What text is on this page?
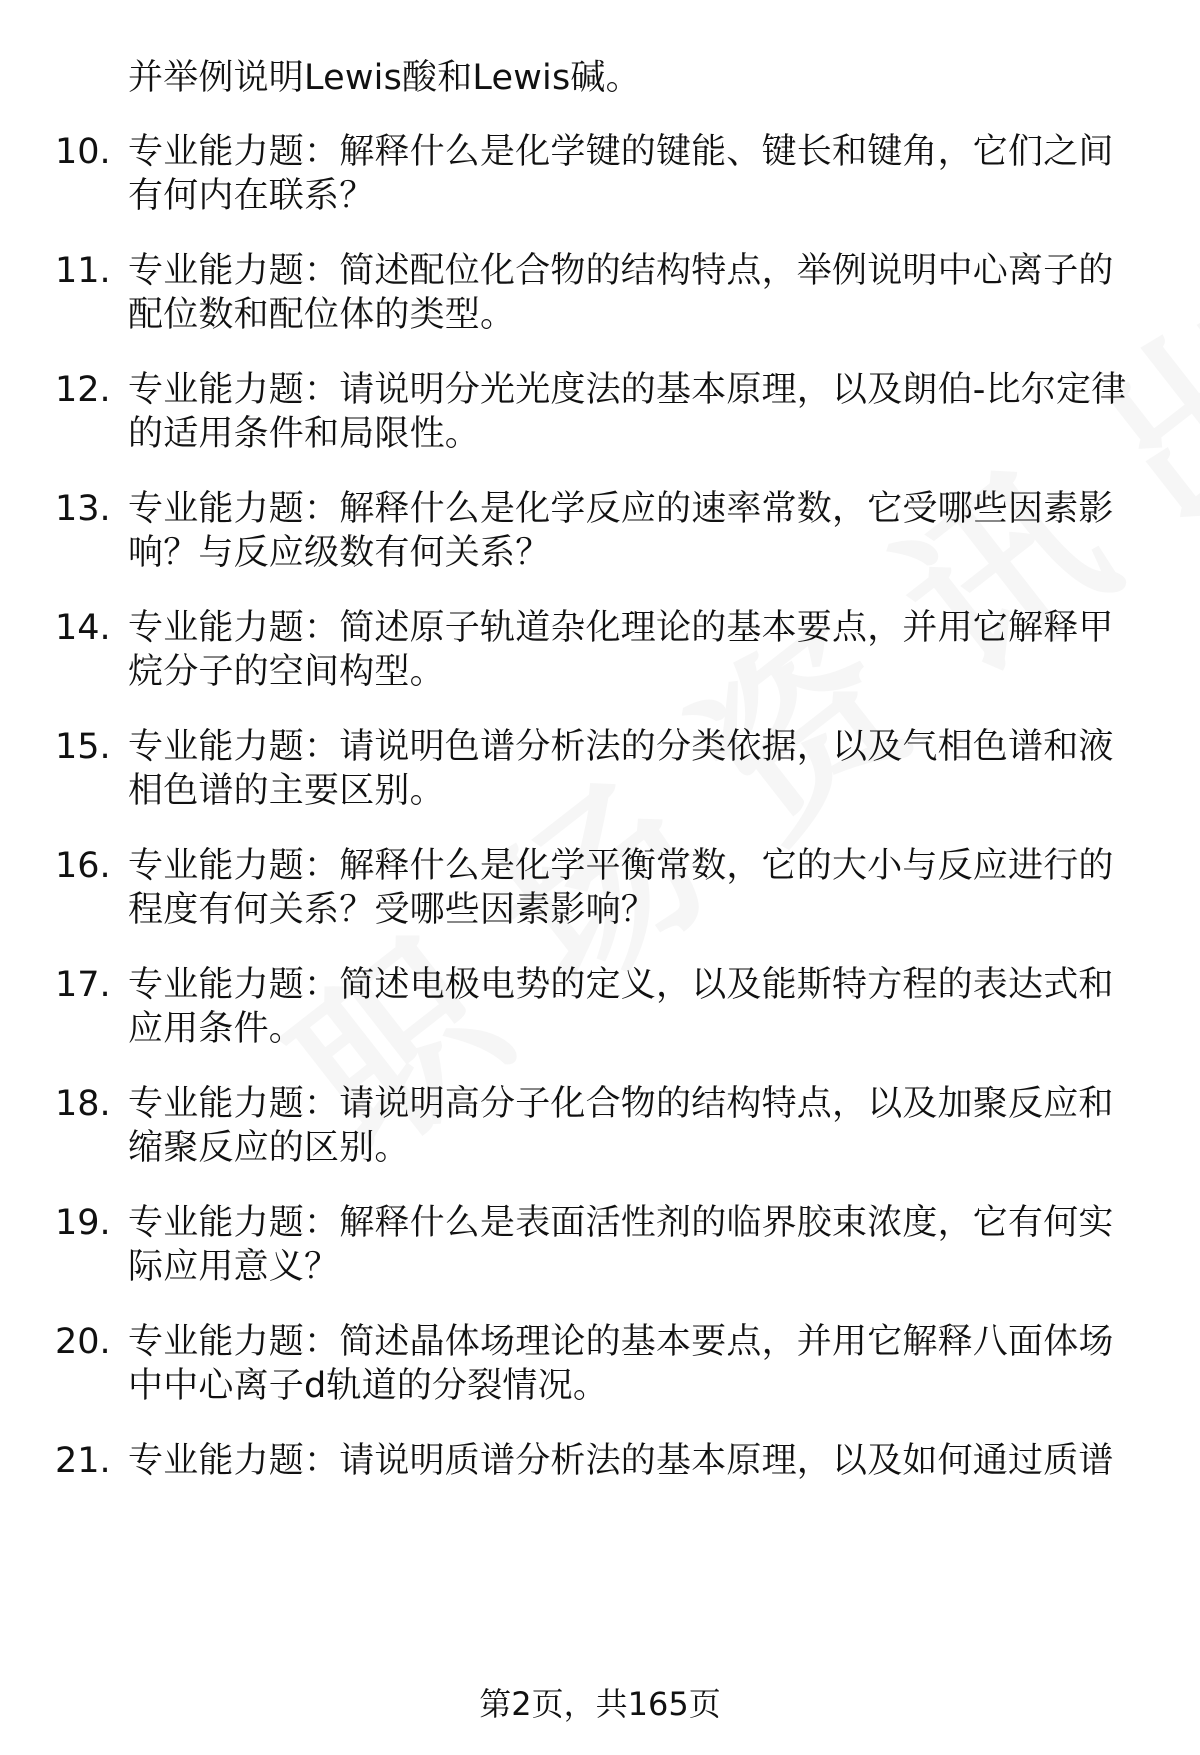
并举例说明Lewis酸和Lewis碱。
10. 专业能力题：解释什么是化学键的键能、键长和键角，它们之间
有何内在联系？
11. 专业能力题：简述配位化合物的结构特点，举例说明中心离子的
配位数和配位体的类型。
12. 专业能力题：请说明分光光度法的基本原理，以及朗伯-比尔定律
的适用条件和局限性。
13. 专业能力题：解释什么是化学反应的速率常数，它受哪些因素影
响？与反应级数有何关系？
14. 专业能力题：简述原子轨道杂化理论的基本要点，并用它解释甲
烷分子的空间构型。
15. 专业能力题：请说明色谱分析法的分类依据，以及气相色谱和液
相色谱的主要区别。
16. 专业能力题：解释什么是化学平衡常数，它的大小与反应进行的
程度有何关系？受哪些因素影响？
17. 专业能力题：简述电极电势的定义，以及能斯特方程的表达式和
应用条件。
18. 专业能力题：请说明高分子化合物的结构特点，以及加聚反应和
缩聚反应的区别。
19. 专业能力题：解释什么是表面活性剂的临界胶束浓度，它有何实
际应用意义？
20. 专业能力题：简述晶体场理论的基本要点，并用它解释八面体场
中中心离子d轨道的分裂情况。
21. 专业能力题：请说明质谱分析法的基本原理，以及如何通过质谱
第2页，共165页
